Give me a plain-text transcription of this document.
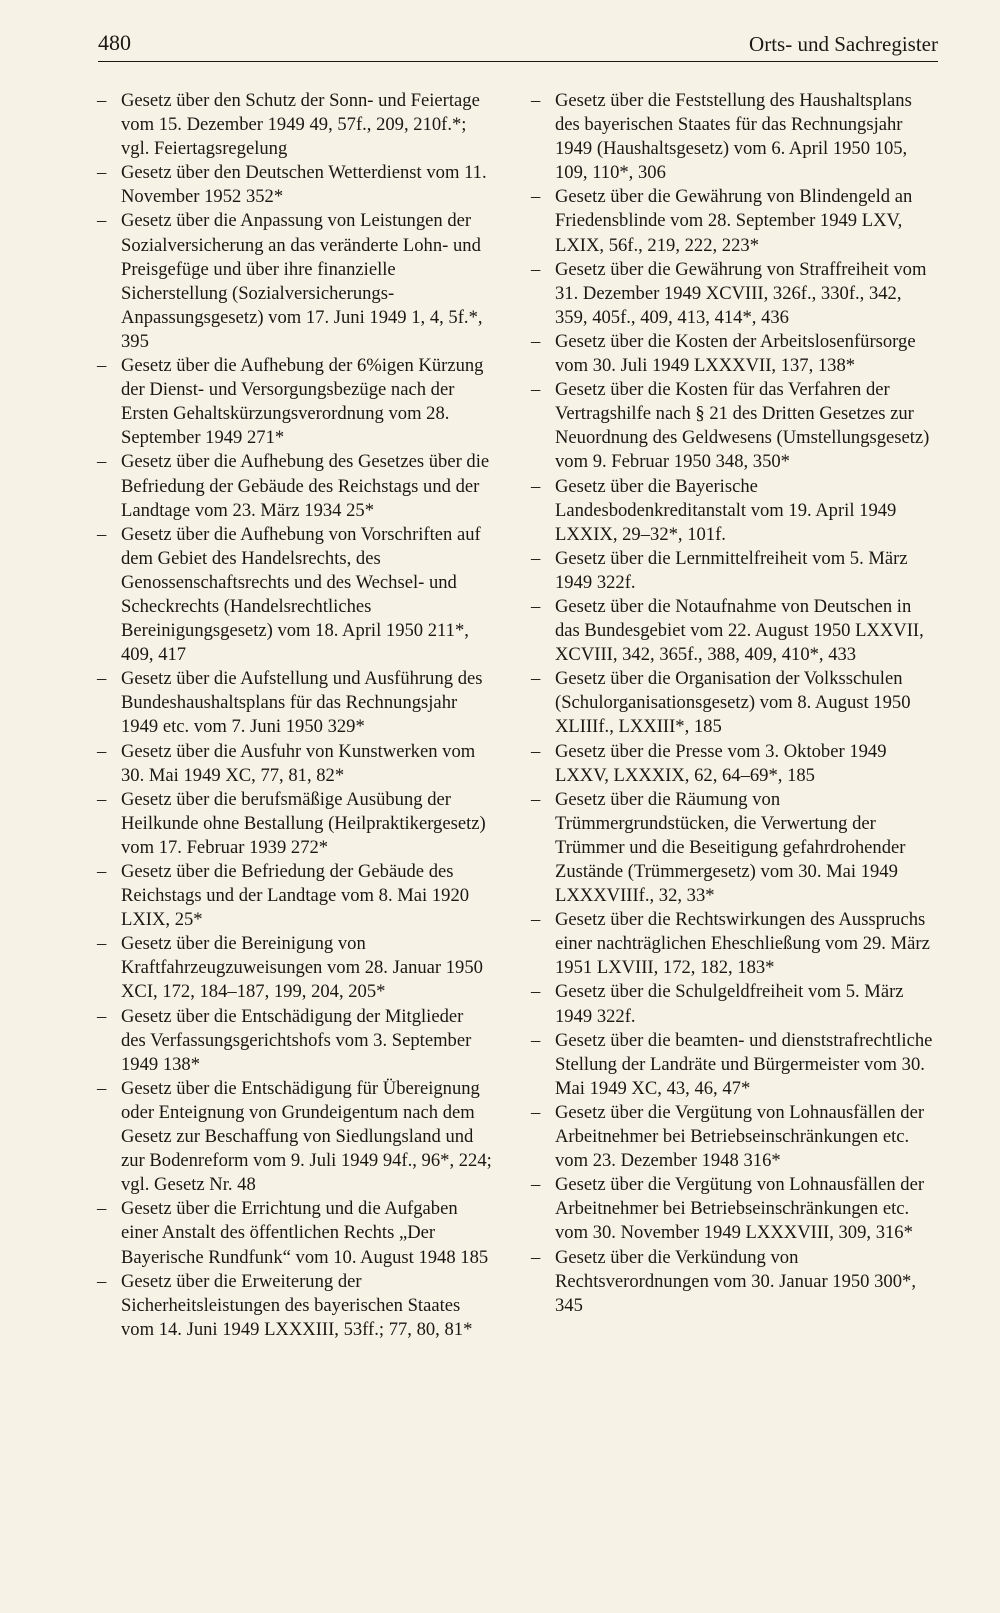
480	Orts- und Sachregister
– Gesetz über den Schutz der Sonn- und Feiertage vom 15. Dezember 1949 49, 57f., 209, 210f.*; vgl. Feiertagsregelung
– Gesetz über den Deutschen Wetterdienst vom 11. November 1952 352*
– Gesetz über die Anpassung von Leistungen der Sozialversicherung an das veränderte Lohn- und Preisgefüge und über ihre finanzielle Sicherstellung (Sozialversicherungs-Anpassungsgesetz) vom 17. Juni 1949 1, 4, 5f.*, 395
– Gesetz über die Aufhebung der 6%igen Kürzung der Dienst- und Versorgungsbezüge nach der Ersten Gehaltskürzungsverordnung vom 28. September 1949 271*
– Gesetz über die Aufhebung des Gesetzes über die Befriedung der Gebäude des Reichstags und der Landtage vom 23. März 1934 25*
– Gesetz über die Aufhebung von Vorschriften auf dem Gebiet des Handelsrechts, des Genossenschaftsrechts und des Wechsel- und Scheckrechts (Handelsrechtliches Bereinigungsgesetz) vom 18. April 1950 211*, 409, 417
– Gesetz über die Aufstellung und Ausführung des Bundeshaushaltsplans für das Rechnungsjahr 1949 etc. vom 7. Juni 1950 329*
– Gesetz über die Ausfuhr von Kunstwerken vom 30. Mai 1949 XC, 77, 81, 82*
– Gesetz über die berufsmäßige Ausübung der Heilkunde ohne Bestallung (Heilpraktikergesetz) vom 17. Februar 1939 272*
– Gesetz über die Befriedung der Gebäude des Reichstags und der Landtage vom 8. Mai 1920 LXIX, 25*
– Gesetz über die Bereinigung von Kraftfahrzeugzuweisungen vom 28. Januar 1950 XCI, 172, 184–187, 199, 204, 205*
– Gesetz über die Entschädigung der Mitglieder des Verfassungsgerichtshofs vom 3. September 1949 138*
– Gesetz über die Entschädigung für Übereignung oder Enteignung von Grundeigentum nach dem Gesetz zur Beschaffung von Siedlungsland und zur Bodenreform vom 9. Juli 1949 94f., 96*, 224; vgl. Gesetz Nr. 48
– Gesetz über die Errichtung und die Aufgaben einer Anstalt des öffentlichen Rechts „Der Bayerische Rundfunk“ vom 10. August 1948 185
– Gesetz über die Erweiterung der Sicherheitsleistungen des bayerischen Staates vom 14. Juni 1949 LXXXIII, 53ff.; 77, 80, 81*
– Gesetz über die Feststellung des Haushaltsplans des bayerischen Staates für das Rechnungsjahr 1949 (Haushaltsgesetz) vom 6. April 1950 105, 109, 110*, 306
– Gesetz über die Gewährung von Blindengeld an Friedensblinde vom 28. September 1949 LXV, LXIX, 56f., 219, 222, 223*
– Gesetz über die Gewährung von Straffreiheit vom 31. Dezember 1949 XCVIII, 326f., 330f., 342, 359, 405f., 409, 413, 414*, 436
– Gesetz über die Kosten der Arbeitslosenfürsorge vom 30. Juli 1949 LXXXVII, 137, 138*
– Gesetz über die Kosten für das Verfahren der Vertragshilfe nach § 21 des Dritten Gesetzes zur Neuordnung des Geldwesens (Umstellungsgesetz) vom 9. Februar 1950 348, 350*
– Gesetz über die Bayerische Landesbodenkreditanstalt vom 19. April 1949 LXXIX, 29–32*, 101f.
– Gesetz über die Lernmittelfreiheit vom 5. März 1949 322f.
– Gesetz über die Notaufnahme von Deutschen in das Bundesgebiet vom 22. August 1950 LXXVII, XCVIII, 342, 365f., 388, 409, 410*, 433
– Gesetz über die Organisation der Volksschulen (Schulorganisationsgesetz) vom 8. August 1950 XLIIIf., LXXIII*, 185
– Gesetz über die Presse vom 3. Oktober 1949 LXXV, LXXXIX, 62, 64–69*, 185
– Gesetz über die Räumung von Trümmergrundstücken, die Verwertung der Trümmer und die Beseitigung gefahrdrohender Zustände (Trümmergesetz) vom 30. Mai 1949 LXXXVIIIf., 32, 33*
– Gesetz über die Rechtswirkungen des Ausspruchs einer nachträglichen Eheschließung vom 29. März 1951 LXVIII, 172, 182, 183*
– Gesetz über die Schulgeldfreiheit vom 5. März 1949 322f.
– Gesetz über die beamten- und dienststrafrechtliche Stellung der Landräte und Bürgermeister vom 30. Mai 1949 XC, 43, 46, 47*
– Gesetz über die Vergütung von Lohnausfällen der Arbeitnehmer bei Betriebseinschränkungen etc. vom 23. Dezember 1948 316*
– Gesetz über die Vergütung von Lohnausfällen der Arbeitnehmer bei Betriebseinschränkungen etc. vom 30. November 1949 LXXXVIII, 309, 316*
– Gesetz über die Verkündung von Rechtsverordnungen vom 30. Januar 1950 300*, 345
